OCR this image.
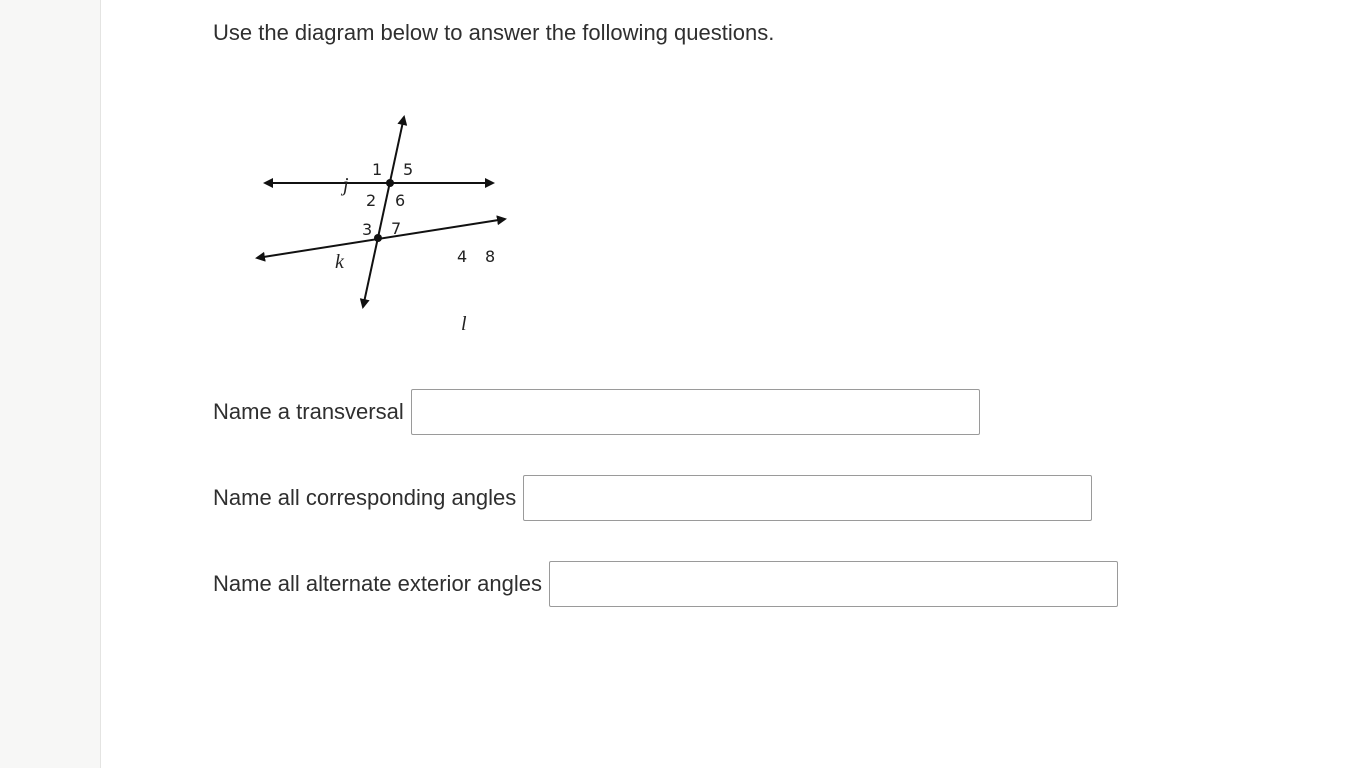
Use the diagram below to answer the following questions.

j
k
l
1 5
2 6
3 7
4 8
Name a transversal
Name all corresponding angles
Name all alternate exterior angles
